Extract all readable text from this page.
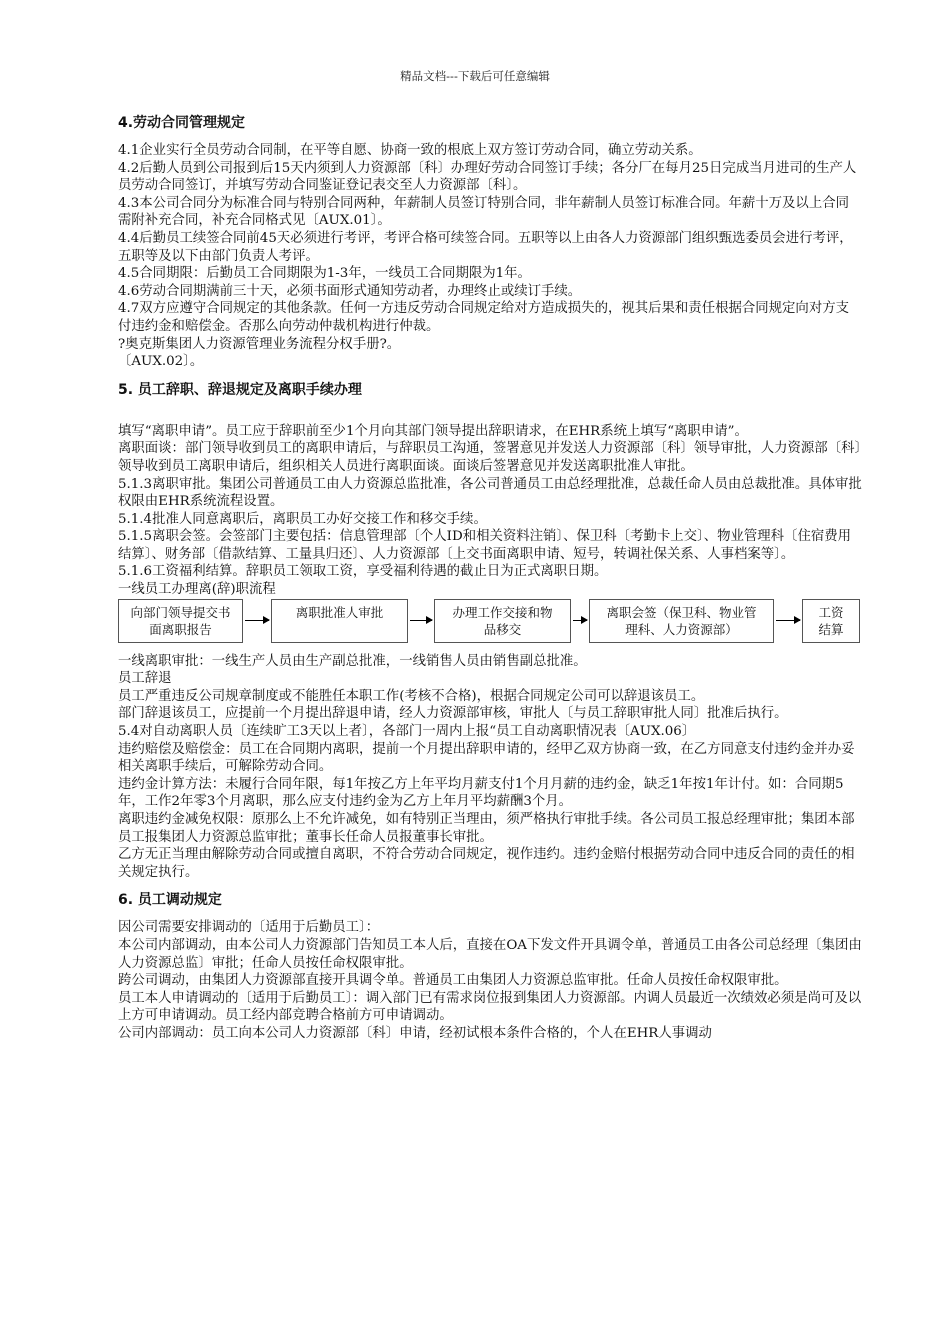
精品文档---下载后可任意编辑
4.劳动合同管理规定

4.1企业实行全员劳动合同制，在平等自愿、协商一致的根底上双方签订劳动合同，确立劳动关系。

4.2后勤人员到公司报到后15天内须到人力资源部〔科〕办理好劳动合同签订手续；各分厂在每月25日完成当月进司的生产人员劳动合同签订，并填写劳动合同鉴证登记表交至人力资源部〔科〕。

4.3本公司合同分为标准合同与特别合同两种，年薪制人员签订特别合同，非年薪制人员签订标准合同。年薪十万及以上合同需附补充合同，补充合同格式见〔AUX.01〕。

4.4后勤员工续签合同前45天必须进行考评，考评合格可续签合同。五职等以上由各人力资源部门组织甄选委员会进行考评，五职等及以下由部门负责人考评。

4.5合同期限：后勤员工合同期限为1-3年，一线员工合同期限为1年。

4.6劳动合同期满前三十天，必须书面形式通知劳动者，办理终止或续订手续。

4.7双方应遵守合同规定的其他条款。任何一方违反劳动合同规定给对方造成损失的，视其后果和责任根据合同规定向对方支付违约金和赔偿金。否那么向劳动仲裁机构进行仲裁。

?奥克斯集团人力资源管理业务流程分权手册?。

〔AUX.02〕。

5. 员工辞职、辞退规定及离职手续办理

填写“离职申请”。员工应于辞职前至少1个月向其部门领导提出辞职请求，在EHR系统上填写“离职申请”。

离职面谈：部门领导收到员工的离职申请后，与辞职员工沟通，签署意见并发送人力资源部〔科〕领导审批，人力资源部〔科〕领导收到员工离职申请后，组织相关人员进行离职面谈。面谈后签署意见并发送离职批准人审批。

5.1.3离职审批。集团公司普通员工由人力资源总监批准，各公司普通员工由总经理批准，总裁任命人员由总裁批准。具体审批权限由EHR系统流程设置。

5.1.4批准人同意离职后，离职员工办好交接工作和移交手续。

5.1.5离职会签。会签部门主要包括：信息管理部〔个人ID和相关资料注销〕、保卫科〔考勤卡上交〕、物业管理科〔住宿费用结算〕、财务部〔借款结算、工量具归还〕、人力资源部〔上交书面离职申请、短号，转调社保关系、人事档案等〕。

5.1.6工资福利结算。辞职员工领取工资，享受福利待遇的截止日为正式离职日期。

一线员工办理离(辞)职流程

向部门领导提交书面离职报告
离职批准人审批	办理工作交接和物品移交
离职会签（保卫科、物业管理科、人力资源部）
工资结算

一线离职审批：一线生产人员由生产副总批准，一线销售人员由销售副总批准。

员工辞退

员工严重违反公司规章制度或不能胜任本职工作(考核不合格)，根据合同规定公司可以辞退该员工。

部门辞退该员工，应提前一个月提出辞退申请，经人力资源部审核，审批人〔与员工辞职审批人同〕批准后执行。

5.4对自动离职人员〔连续旷工3天以上者〕，各部门一周内上报“员工自动离职情况表〔AUX.06〕

违约赔偿及赔偿金：员工在合同期内离职，提前一个月提出辞职申请的，经甲乙双方协商一致，在乙方同意支付违约金并办妥相关离职手续后，可解除劳动合同。

违约金计算方法：未履行合同年限，每1年按乙方上年平均月薪支付1个月月薪的违约金，缺乏1年按1年计付。如：合同期5年，工作2年零3个月离职，那么应支付违约金为乙方上年月平均薪酬3个月。

离职违约金减免权限：原那么上不允许减免，如有特别正当理由，须严格执行审批手续。各公司员工报总经理审批；集团本部员工报集团人力资源总监审批；董事长任命人员报董事长审批。

乙方无正当理由解除劳动合同或擅自离职，不符合劳动合同规定，视作违约。违约金赔付根据劳动合同中违反合同的责任的相关规定执行。

6. 员工调动规定

因公司需要安排调动的〔适用于后勤员工〕：

本公司内部调动，由本公司人力资源部门告知员工本人后，直接在OA下发文件开具调令单，普通员工由各公司总经理〔集团由人力资源总监〕审批；任命人员按任命权限审批。

跨公司调动，由集团人力资源部直接开具调令单。普通员工由集团人力资源总监审批。任命人员按任命权限审批。

员工本人申请调动的〔适用于后勤员工〕：调入部门已有需求岗位报到集团人力资源部。内调人员最近一次绩效必须是尚可及以上方可申请调动。员工经内部竞聘合格前方可申请调动。

公司内部调动：员工向本公司人力资源部〔科〕申请，经初试根本条件合格的，个人在EHR人事调动
